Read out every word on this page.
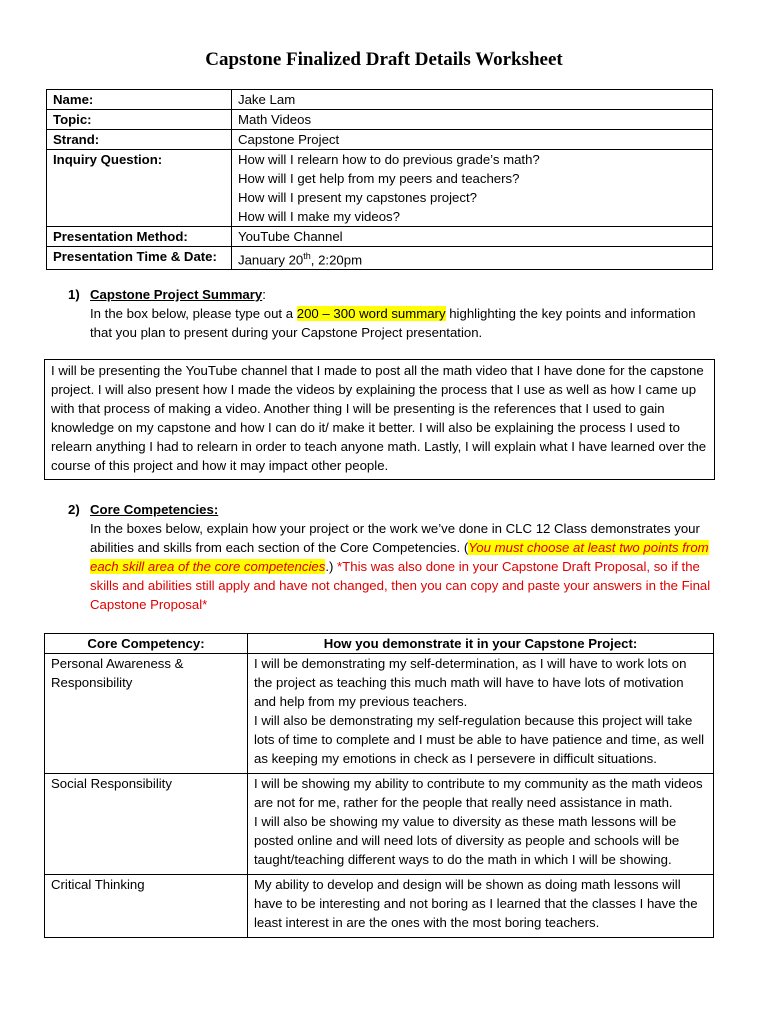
Capstone Finalized Draft Details Worksheet
Name:	Jake Lam
Topic:	Math Videos
Strand:	Capstone Project
Inquiry Question:	How will I relearn how to do previous grade’s math?
How will I get help from my peers and teachers?
How will I present my capstones project?
How will I make my videos?

Presentation Method:	YouTube Channel
Presentation Time & Date:	January 20th, 2:20pm
1) Capstone Project Summary:
In the box below, please type out a 200 – 300 word summary highlighting the key points and information that you plan to present during your Capstone Project presentation.
I will be presenting the YouTube channel that I made to post all the math video that I have done for the capstone project. I will also present how I made the videos by explaining the process that I use as well as how I came up with that process of making a video. Another thing I will be presenting is the references that I used to gain knowledge on my capstone and how I can do it/ make it better. I will also be explaining the process I used to relearn anything I had to relearn in order to teach anyone math. Lastly, I will explain what I have learned over the course of this project and how it may impact other people.
2) Core Competencies:
In the boxes below, explain how your project or the work we’ve done in CLC 12 Class demonstrates your abilities and skills from each section of the Core Competencies. (You must choose at least two points from each skill area of the core competencies.) *This was also done in your Capstone Draft Proposal, so if the skills and abilities still apply and have not changed, then you can copy and paste your answers in the Final Capstone Proposal*
Core Competency:	How you demonstrate it in your Capstone Project:
Personal Awareness & Responsibility	I will be demonstrating my self-determination, as I will have to work lots on the project as teaching this much math will have to have lots of motivation and help from my previous teachers.
I will also be demonstrating my self-regulation because this project will take lots of time to complete and I must be able to have patience and time, as well as keeping my emotions in check as I persevere in difficult situations.

Social Responsibility	I will be showing my ability to contribute to my community as the math videos are not for me, rather for the people that really need assistance in math.
I will also be showing my value to diversity as these math lessons will be posted online and will need lots of diversity as people and schools will be taught/teaching different ways to do the math in which I will be showing.

Critical Thinking	My ability to develop and design will be shown as doing math lessons will have to be interesting and not boring as I learned that the classes I have the least interest in are the ones with the most boring teachers.
